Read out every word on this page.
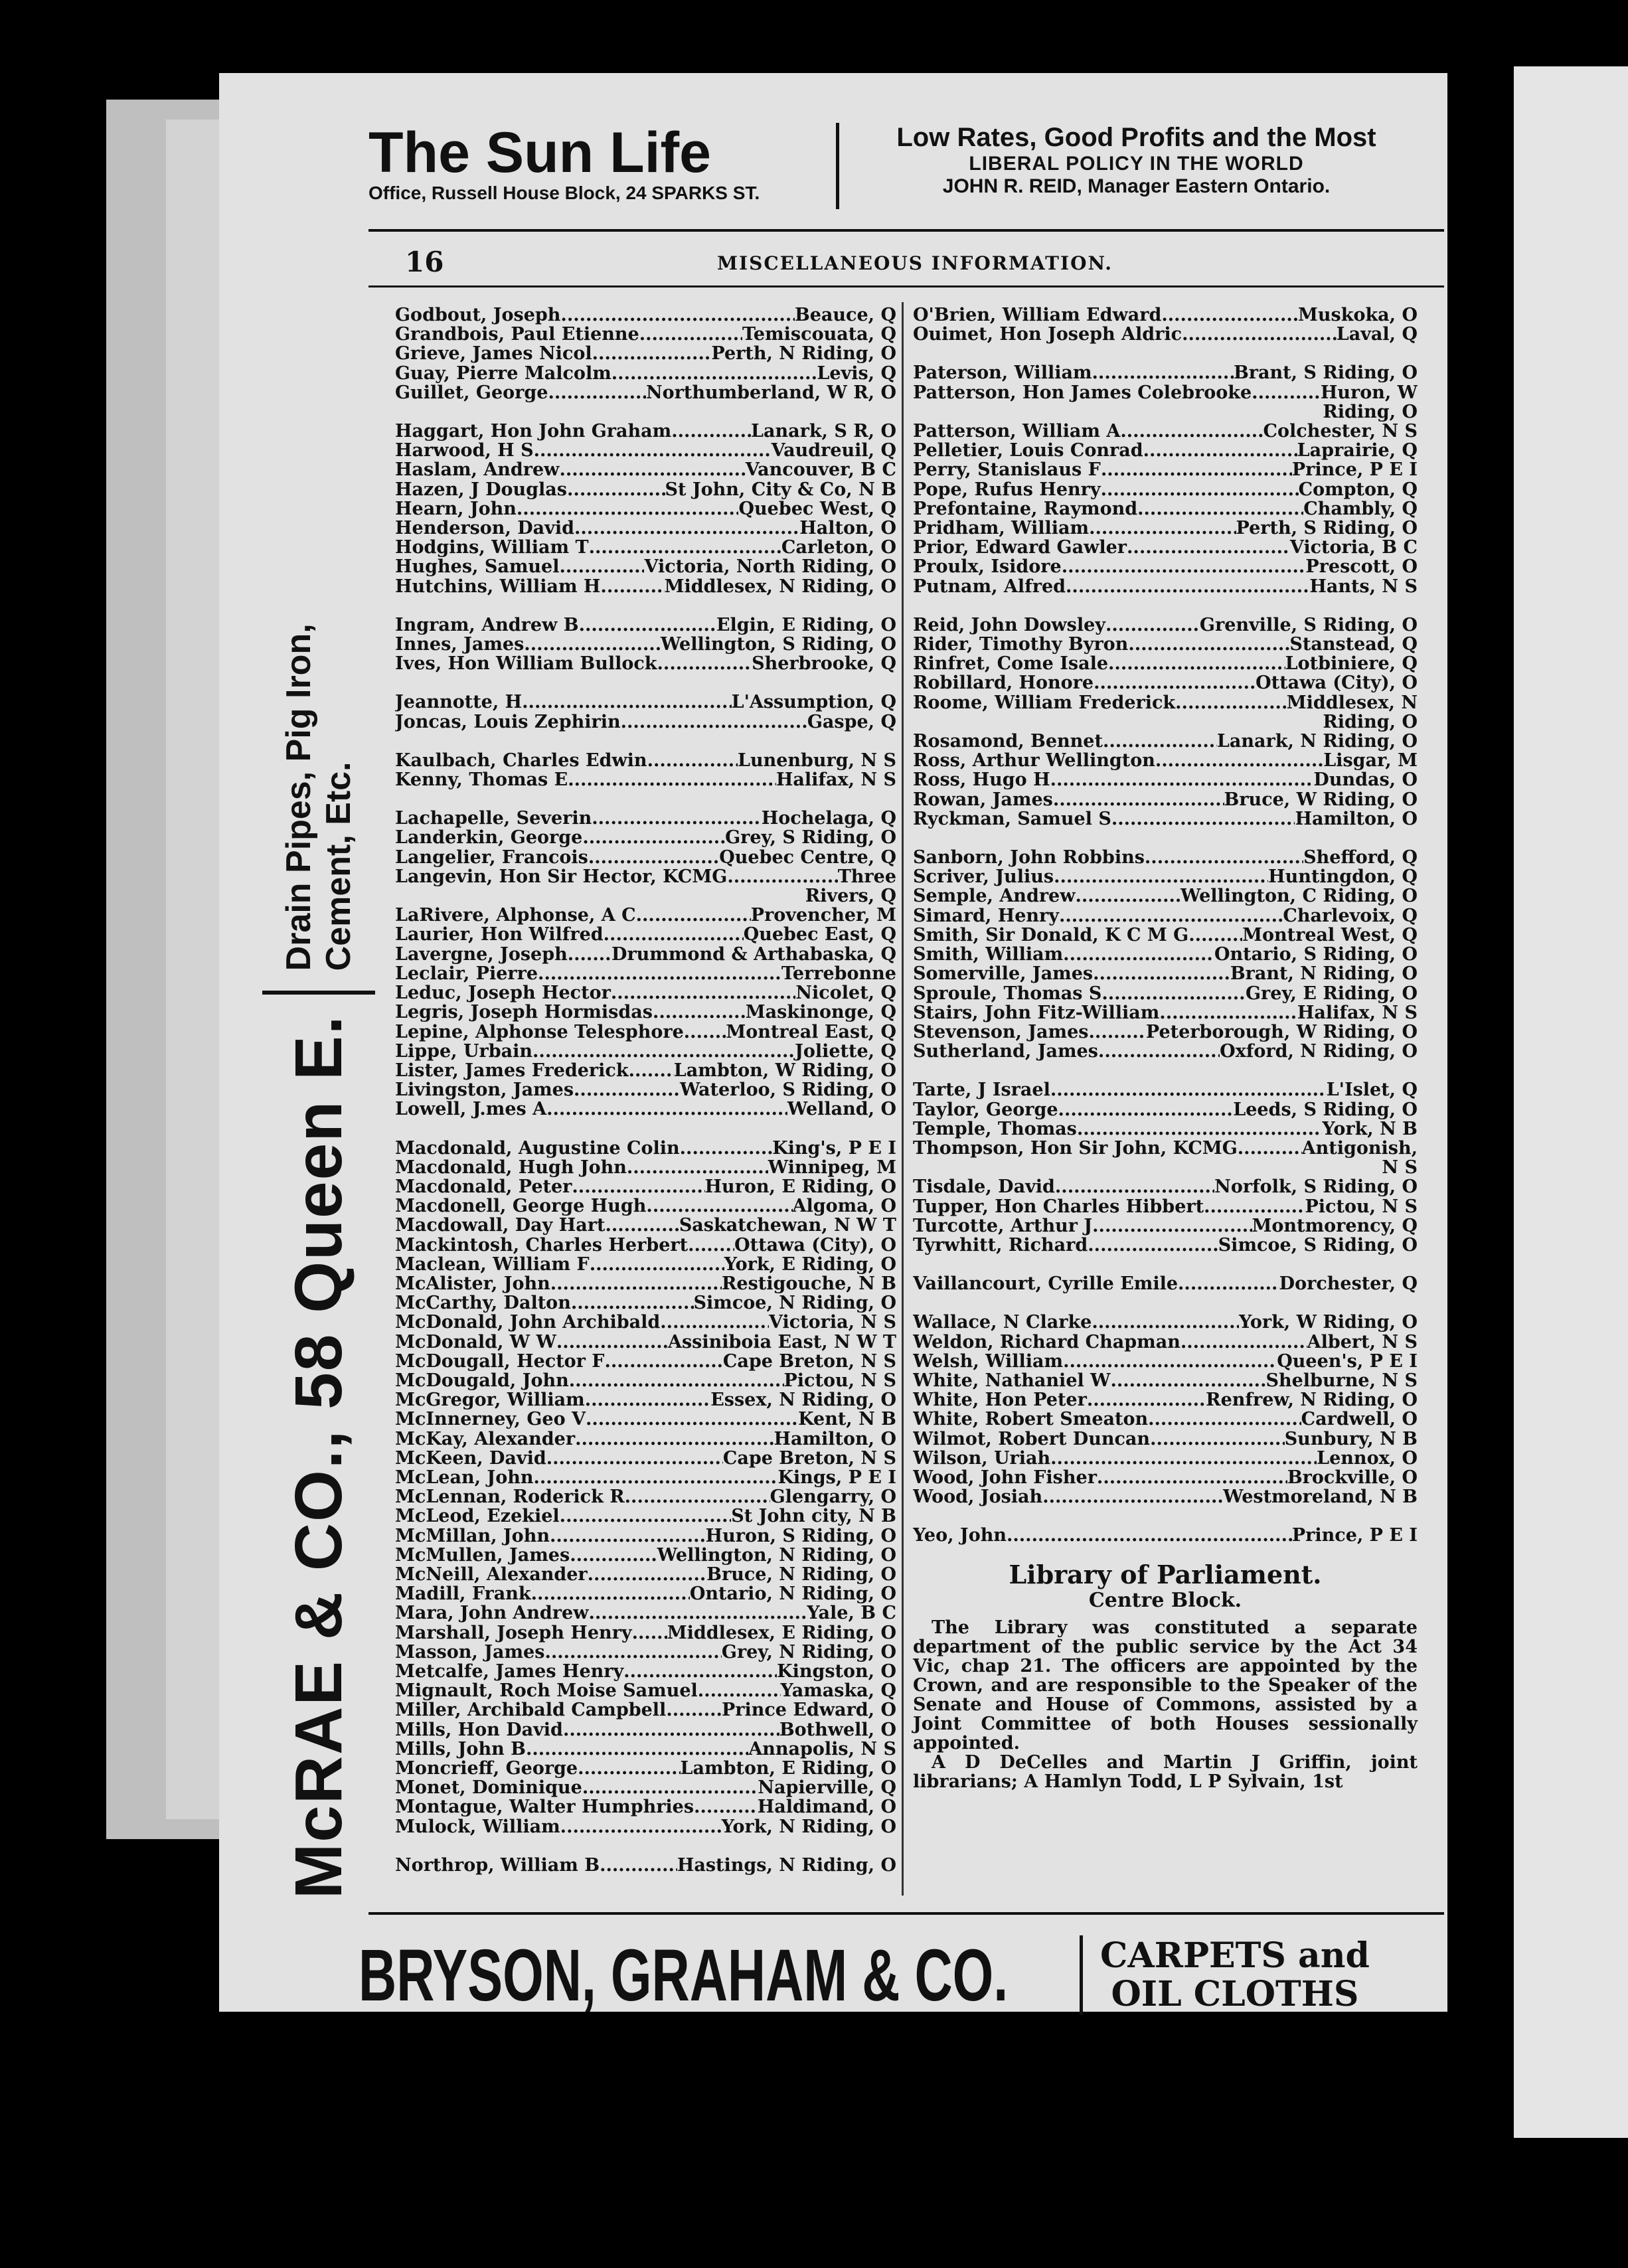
McRAE & CO., 58 Queen E.
Drain Pipes, Pig Iron, Cement, Etc.
The Sun Life
Office, Russell House Block, 24 SPARKS ST.
Low Rates, Good Profits and the Most
LIBERAL POLICY IN THE WORLD
JOHN R. REID, Manager Eastern Ontario.
16	MISCELLANEOUS INFORMATION.
Godbout, Joseph .....	Beauce, Q
Grandbois, Paul Etienne .....	Temiscouata, Q
Grieve, James Nicol .....	Perth, N Riding, O
Guay, Pierre Malcolm .....	Levis, Q
Guillet, George .....	Northumberland, W R, O
Haggart, Hon John Graham .....	Lanark, S R, O
Harwood, H S .....	Vaudreuil, Q
Haslam, Andrew .....	Vancouver, B C
Hazen, J Douglas .....	St John, City & Co, N B
Hearn, John .....	Quebec West, Q
Henderson, David .....	Halton, O
Hodgins, William T .....	Carleton, O
Hughes, Samuel .....	Victoria, North Riding, O
Hutchins, William H .....	Middlesex, N Riding, O
Ingram, Andrew B .....	Elgin, E Riding, O
Innes, James .....	Wellington, S Riding, O
Ives, Hon William Bullock .....	Sherbrooke, Q
Jeannotte, H .....	L'Assumption, Q
Joncas, Louis Zephirin .....	Gaspe, Q
Kaulbach, Charles Edwin .....	Lunenburg, N S
Kenny, Thomas E .....	Halifax, N S
Lachapelle, Severin .....	Hochelaga, Q
Landerkin, George .....	Grey, S Riding, O
Langelier, Francois .....	Quebec Centre, Q
Langevin, Hon Sir Hector, KCMG .....	Three
Rivers, Q
LaRivere, Alphonse, A C .....	Provencher, M
Laurier, Hon Wilfred .....	Quebec East, Q
Lavergne, Joseph ..... Drummond & Arthabaska, Q
Leclair, Pierre .....	Terrebonne
Leduc, Joseph Hector .....	Nicolet, Q
Legris, Joseph Hormisdas .....	Maskinonge, Q
Lepine, Alphonse Telesphore ..... Montreal East, Q
Lippe, Urbain .....	Joliette, Q
Lister, James Frederick .....	Lambton, W Riding, O
Livingston, James .....	Waterloo, S Riding, O
Lowell, J.mes A .....	Welland, O
Macdonald, Augustine Colin .....	King's, P E I
Macdonald, Hugh John .....	Winnipeg, M
Macdonald, Peter .....	Huron, E Riding, O
Macdonell, George Hugh .....	Algoma, O
Macdowall, Day Hart .....	Saskatchewan, N W T
Mackintosh, Charles Herbert .....	Ottawa (City), O
Maclean, William F .....	York, E Riding, O
McAlister, John .....	Restigouche, N B
McCarthy, Dalton .....	Simcoe, N Riding, O
McDonald, John Archibald .....	Victoria, N S
McDonald, W W .....	Assiniboia East, N W T
McDougall, Hector F .....	Cape Breton, N S
McDougald, John .....	Pictou, N S
McGregor, William .....	Essex, N Riding, O
McInnerney, Geo V .....	Kent, N B
McKay, Alexander .....	Hamilton, O
McKeen, David .....	Cape Breton, N S
McLean, John .....	Kings, P E I
McLennan, Roderick R .....	Glengarry, O
McLeod, Ezekiel .....	St John city, N B
McMillan, John .....	Huron, S Riding, O
McMullen, James .....	Wellington, N Riding, O
McNeill, Alexander .....	Bruce, N Riding, O
Madill, Frank .....	Ontario, N Riding, O
Mara, John Andrew .....	Yale, B C
Marshall, Joseph Henry ..... Middlesex, E Riding, O
Masson, James .....	Grey, N Riding, O
Metcalfe, James Henry .....	Kingston, O
Mignault, Roch Moise Samuel .....	Yamaska, Q
Miller, Archibald Campbell .....	Prince Edward, O
Mills, Hon David .....	Bothwell, O
Mills, John B .....	Annapolis, N S
Moncrieff, George .....	Lambton, E Riding, O
Monet, Dominique .....	Napierville, Q
Montague, Walter Humphries .....	Haldimand, O
Mulock, William .....	York, N Riding, O
Northrop, William B .....	Hastings, N Riding, O
O'Brien, William Edward .....	Muskoka, O
Ouimet, Hon Joseph Aldric .....	Laval, Q
Paterson, William .....	Brant, S Riding, O
Patterson, Hon James Colebrooke .....	Huron, W
Riding, O
Patterson, William A .....	Colchester, N S
Pelletier, Louis Conrad .....	Laprairie, Q
Perry, Stanislaus F .....	Prince, P E I
Pope, Rufus Henry .....	Compton, Q
Prefontaine, Raymond .....	Chambly, Q
Pridham, William .....	Perth, S Riding, O
Prior, Edward Gawler .....	Victoria, B C
Proulx, Isidore .....	Prescott, O
Putnam, Alfred .....	Hants, N S
Reid, John Dowsley .....	Grenville, S Riding, O
Rider, Timothy Byron .....	Stanstead, Q
Rinfret, Come Isale .....	Lotbiniere, Q
Robillard, Honore .....	Ottawa (City), O
Roome, William Frederick .....	Middlesex, N
Riding, O
Rosamond, Bennet .....	Lanark, N Riding, O
Ross, Arthur Wellington .....	Lisgar, M
Ross, Hugo H .....	Dundas, O
Rowan, James .....	Bruce, W Riding, O
Ryckman, Samuel S .....	Hamilton, O
Sanborn, John Robbins .....	Shefford, Q
Scriver, Julius .....	Huntingdon, Q
Semple, Andrew .....	Wellington, C Riding, O
Simard, Henry .....	Charlevoix, Q
Smith, Sir Donald, K C M G .....	Montreal West, Q
Smith, William .....	Ontario, S Riding, O
Somerville, James .....	Brant, N Riding, O
Sproule, Thomas S .....	Grey, E Riding, O
Stairs, John Fitz-William .....	Halifax, N S
Stevenson, James .....	Peterborough, W Riding, O
Sutherland, James .....	Oxford, N Riding, O
Tarte, J Israel .....	L'Islet, Q
Taylor, George .....	Leeds, S Riding, O
Temple, Thomas .....	York, N B
Thompson, Hon Sir John, KCMG .....	Antigonish,
N S
Tisdale, David .....	Norfolk, S Riding, O
Tupper, Hon Charles Hibbert .....	Pictou, N S
Turcotte, Arthur J .....	Montmorency, Q
Tyrwhitt, Richard .....	Simcoe, S Riding, O
Vaillancourt, Cyrille Emile .....	Dorchester, Q
Wallace, N Clarke .....	York, W Riding, O
Weldon, Richard Chapman .....	Albert, N S
Welsh, William .....	Queen's, P E I
White, Nathaniel W .....	Shelburne, N S
White, Hon Peter .....	Renfrew, N Riding, O
White, Robert Smeaton .....	Cardwell, O
Wilmot, Robert Duncan .....	Sunbury, N B
Wilson, Uriah .....	Lennox, O
Wood, John Fisher .....	Brockville, O
Wood, Josiah .....	Westmoreland, N B
Yeo, John .....	Prince, P E I
Library of Parliament.
Centre Block.
The Library was constituted a separate department of the public service by the Act 34 Vic, chap 21. The officers are appointed by the Crown, and are responsible to the Speaker of the Senate and House of Commons, assisted by a Joint Committee of both Houses sessionally appointed.
A D DeCelles and Martin J Griffin, joint librarians; A Hamlyn Todd, L P Sylvain, 1st
BRYSON, GRAHAM & CO.	CARPETS and
OIL CLOTHS
